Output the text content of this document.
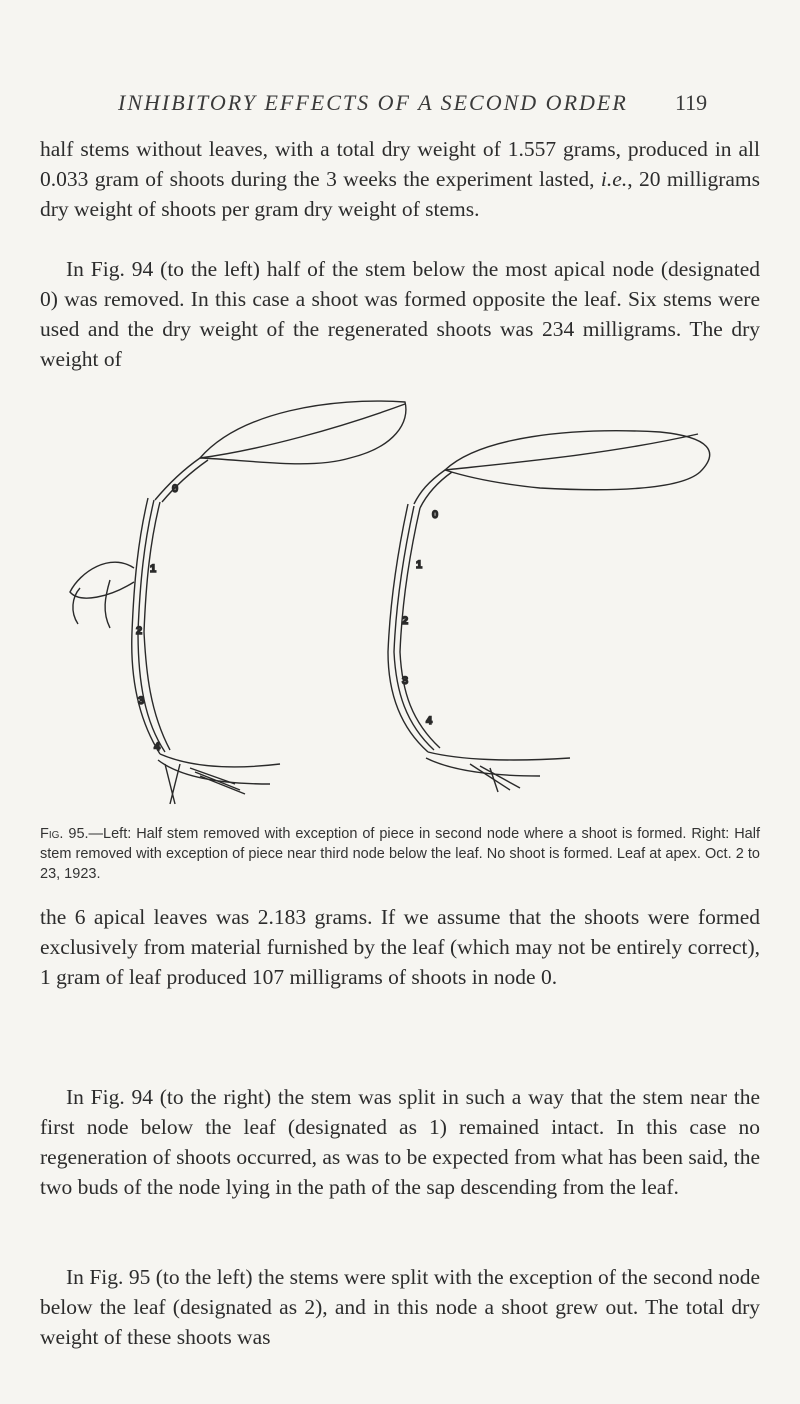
INHIBITORY EFFECTS OF A SECOND ORDER 119

half stems without leaves, with a total dry weight of 1.557 grams, produced in all 0.033 gram of shoots during the 3 weeks the experiment lasted, i.e., 20 milligrams dry weight of shoots per gram dry weight of stems.

In Fig. 94 (to the left) half of the stem below the most apical node (designated 0) was removed. In this case a shoot was formed opposite the leaf. Six stems were used and the dry weight of the regenerated shoots was 234 milligrams. The dry weight of

0
1
2
3
4
0
1
2
3
4

Fig. 95.—Left: Half stem removed with exception of piece in second node where a shoot is formed. Right: Half stem removed with exception of piece near third node below the leaf. No shoot is formed. Leaf at apex. Oct. 2 to 23, 1923.

the 6 apical leaves was 2.183 grams. If we assume that the shoots were formed exclusively from material furnished by the leaf (which may not be entirely correct), 1 gram of leaf produced 107 milligrams of shoots in node 0.

In Fig. 94 (to the right) the stem was split in such a way that the stem near the first node below the leaf (designated as 1) remained intact. In this case no regeneration of shoots occurred, as was to be expected from what has been said, the two buds of the node lying in the path of the sap descending from the leaf.

In Fig. 95 (to the left) the stems were split with the exception of the second node below the leaf (designated as 2), and in this node a shoot grew out. The total dry weight of these shoots was
